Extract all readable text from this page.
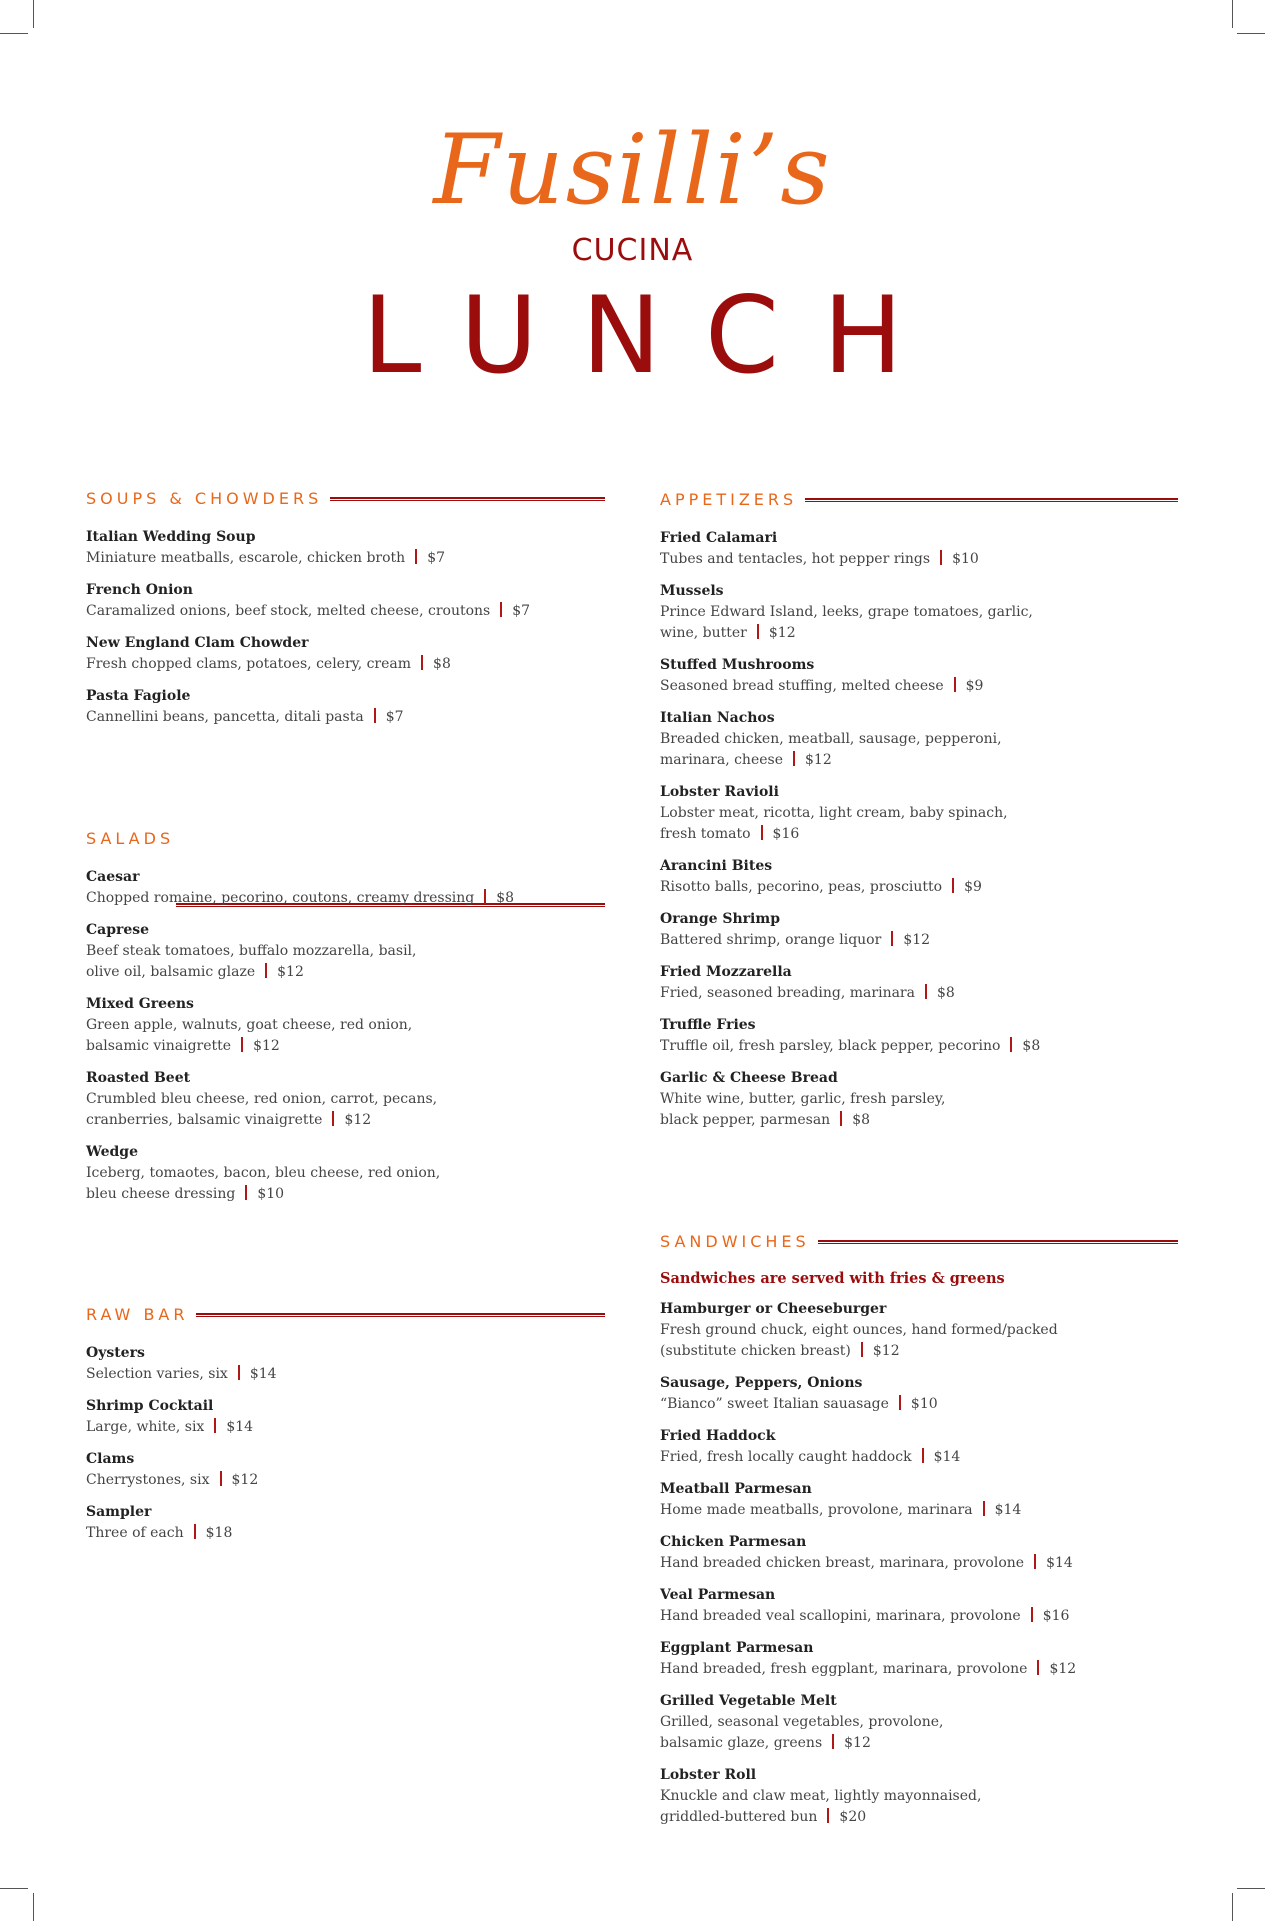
Fusilli’s
CUCINA
LUNCH
SOUPS & CHOWDERS
Italian Wedding Soup
Miniature meatballs, escarole, chicken broth $7
French Onion
Caramalized onions, beef stock, melted cheese, croutons $7
New England Clam Chowder
Fresh chopped clams, potatoes, celery, cream $8
Pasta Fagiole
Cannellini beans, pancetta, ditali pasta $7
SALADS
Caesar
Chopped romaine, pecorino, coutons, creamy dressing $8
Caprese
Beef steak tomatoes, buffalo mozzarella, basil,
olive oil, balsamic glaze $12
Mixed Greens
Green apple, walnuts, goat cheese, red onion,
balsamic vinaigrette $12
Roasted Beet
Crumbled bleu cheese, red onion, carrot, pecans,
cranberries, balsamic vinaigrette $12
Wedge
Iceberg, tomaotes, bacon, bleu cheese, red onion,
bleu cheese dressing $10
RAW BAR
Oysters
Selection varies, six $14
Shrimp Cocktail
Large, white, six $14
Clams
Cherrystones, six $12
Sampler
Three of each $18
APPETIZERS
Fried Calamari
Tubes and tentacles, hot pepper rings $10
Mussels
Prince Edward Island, leeks, grape tomatoes, garlic,
wine, butter $12
Stuffed Mushrooms
Seasoned bread stuffing, melted cheese $9
Italian Nachos
Breaded chicken, meatball, sausage, pepperoni,
marinara, cheese $12
Lobster Ravioli
Lobster meat, ricotta, light cream, baby spinach,
fresh tomato $16
Arancini Bites
Risotto balls, pecorino, peas, prosciutto $9
Orange Shrimp
Battered shrimp, orange liquor $12
Fried Mozzarella
Fried, seasoned breading, marinara $8
Truffle Fries
Truffle oil, fresh parsley, black pepper, pecorino $8
Garlic & Cheese Bread
White wine, butter, garlic, fresh parsley,
black pepper, parmesan $8
SANDWICHES
Sandwiches are served with fries & greens
Hamburger or Cheeseburger
Fresh ground chuck, eight ounces, hand formed/packed
(substitute chicken breast) $12
Sausage, Peppers, Onions
“Bianco” sweet Italian sauasage $10
Fried Haddock
Fried, fresh locally caught haddock $14
Meatball Parmesan
Home made meatballs, provolone, marinara $14
Chicken Parmesan
Hand breaded chicken breast, marinara, provolone $14
Veal Parmesan
Hand breaded veal scallopini, marinara, provolone $16
Eggplant Parmesan
Hand breaded, fresh eggplant, marinara, provolone $12
Grilled Vegetable Melt
Grilled, seasonal vegetables, provolone,
balsamic glaze, greens $12
Lobster Roll
Knuckle and claw meat, lightly mayonnaised,
griddled-buttered bun $20
